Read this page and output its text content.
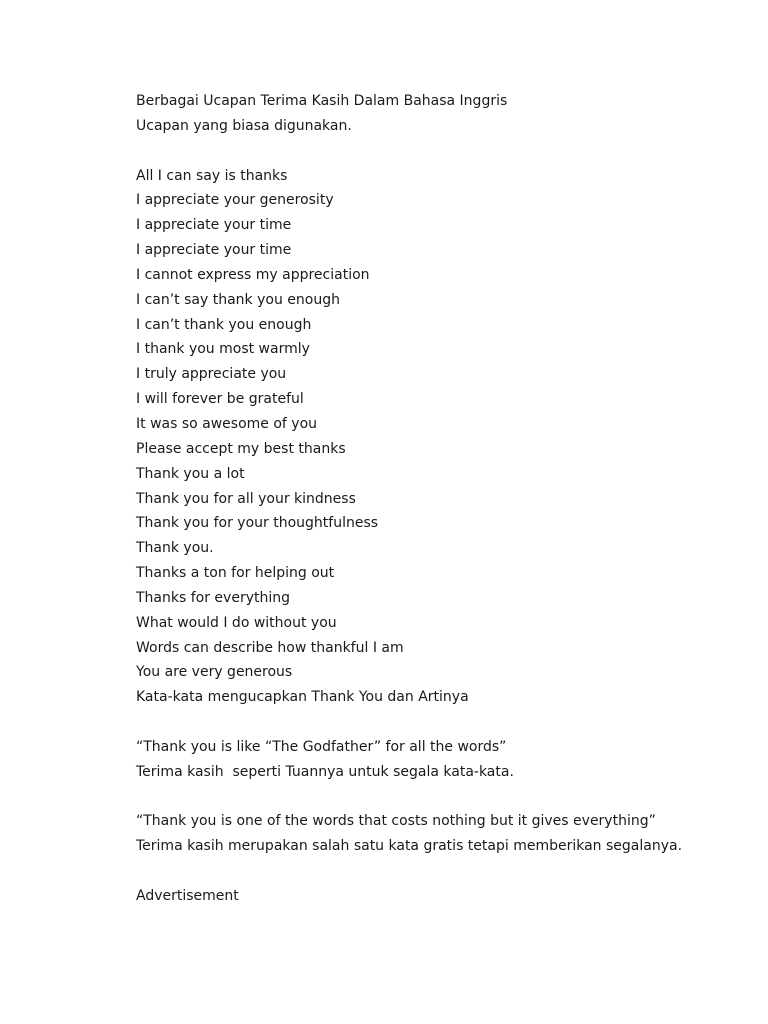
Berbagai Ucapan Terima Kasih Dalam Bahasa Inggris
Ucapan yang biasa digunakan.
All I can say is thanks
I appreciate your generosity
I appreciate your time
I appreciate your time
I cannot express my appreciation
I can’t say thank you enough
I can’t thank you enough
I thank you most warmly
I truly appreciate you
I will forever be grateful
It was so awesome of you
Please accept my best thanks
Thank you a lot
Thank you for all your kindness
Thank you for your thoughtfulness
Thank you.
Thanks a ton for helping out
Thanks for everything
What would I do without you
Words can describe how thankful I am
You are very generous
Kata-kata mengucapkan Thank You dan Artinya
“Thank you is like “The Godfather” for all the words”
Terima kasih  seperti Tuannya untuk segala kata-kata.
“Thank you is one of the words that costs nothing but it gives everything”
Terima kasih merupakan salah satu kata gratis tetapi memberikan segalanya.
Advertisement
